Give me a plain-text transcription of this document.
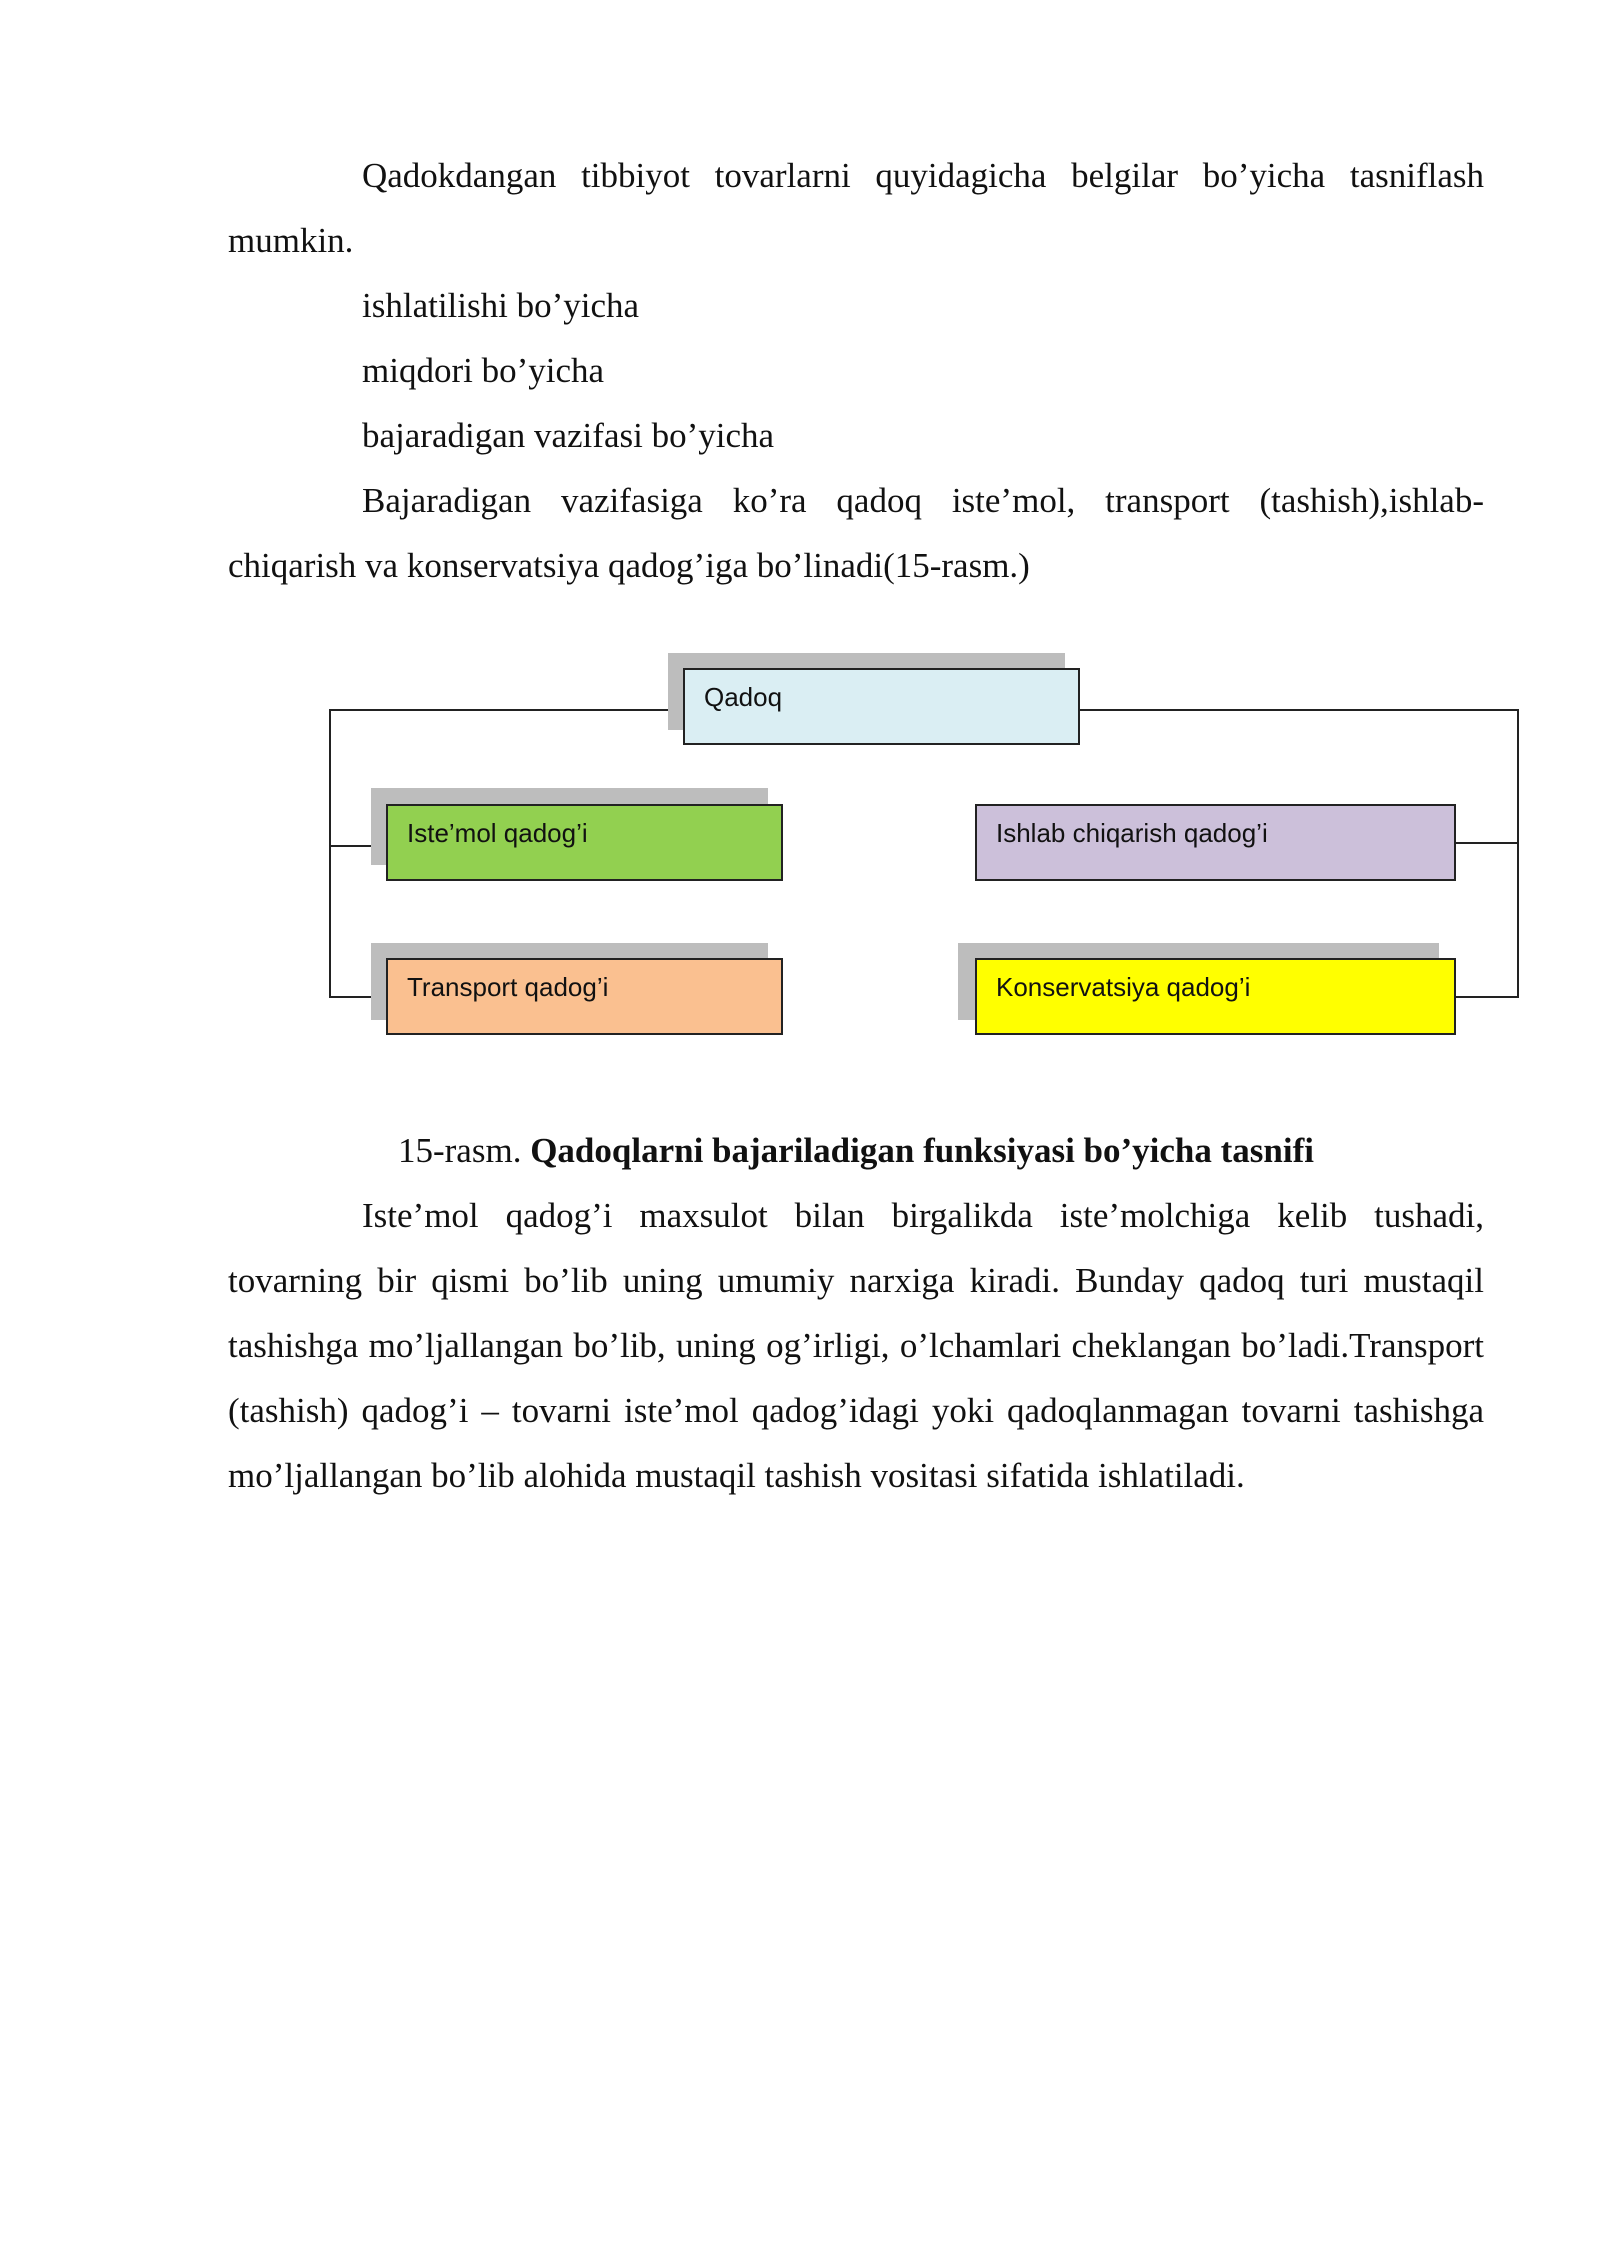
Qadokdangan tibbiyot tovarlarni quyidagicha belgilar bo’yicha tasniflash mumkin.

ishlatilishi bo’yicha

miqdori bo’yicha

bajaradigan vazifasi bo’yicha

Bajaradigan vazifasiga ko’ra qadoq iste’mol, transport (tashish),ishlab-chiqarish va konservatsiya qadog’iga bo’linadi(15-rasm.)

Qadoq
Iste’mol qadog’i	Ishlab chiqarish qadog’i
Transport qadog’i	Konservatsiya qadog’i

15-rasm. Qadoqlarni bajariladigan funksiyasi bo’yicha tasnifi

Iste’mol qadog’i maxsulot bilan birgalikda iste’molchiga kelib tushadi, tovarning bir qismi bo’lib uning umumiy narxiga kiradi. Bunday qadoq turi mustaqil tashishga mo’ljallangan bo’lib, uning og’irligi, o’lchamlari cheklangan bo’ladi.Transport (tashish) qadog’i – tovarni iste’mol qadog’idagi yoki qadoqlanmagan tovarni tashishga mo’ljallangan bo’lib alohida mustaqil tashish vositasi sifatida ishlatiladi.
